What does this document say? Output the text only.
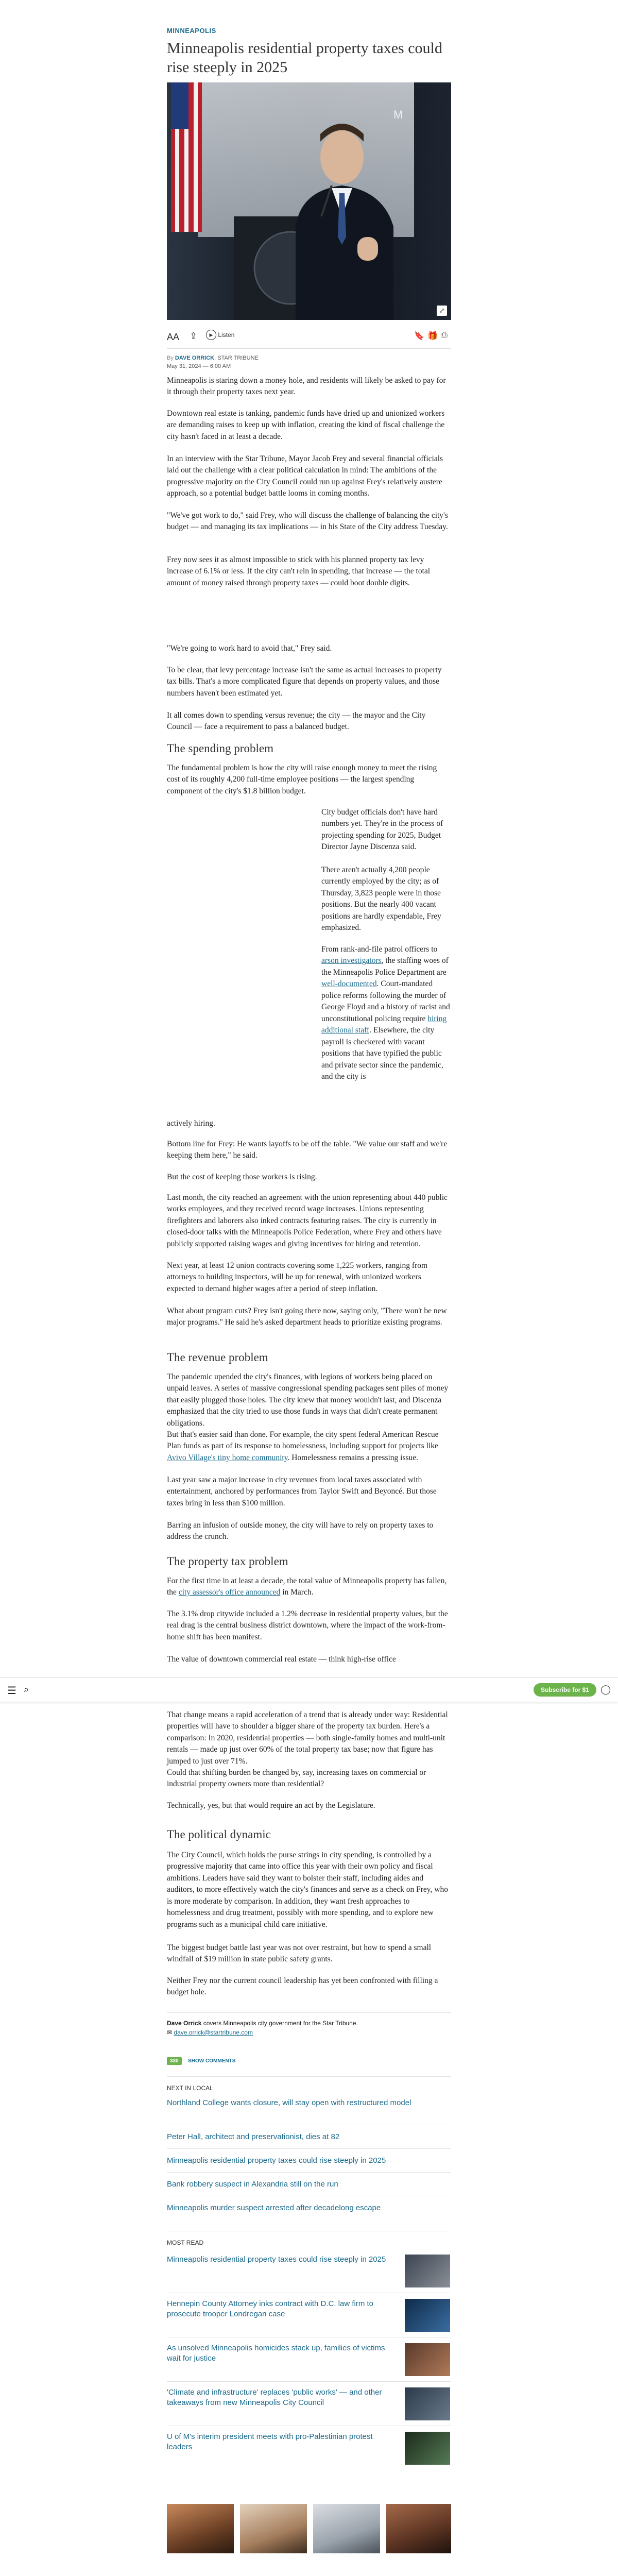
MINNEAPOLIS
Minneapolis residential property taxes could rise steeply in 2025
M
⤢
AA ⇪	▶ Listen	🔖 🎁 ⎙
By DAVE ORRICK, STAR TRIBUNE
May 31, 2024 — 6:00 AM

Minneapolis is staring down a money hole, and residents will likely be asked to pay for it through their property taxes next year.

Downtown real estate is tanking, pandemic funds have dried up and unionized workers are demanding raises to keep up with inflation, creating the kind of fiscal challenge the city hasn't faced in at least a decade.

In an interview with the Star Tribune, Mayor Jacob Frey and several financial officials laid out the challenge with a clear political calculation in mind: The ambitions of the progressive majority on the City Council could run up against Frey's relatively austere approach, so a potential budget battle looms in coming months.

"We've got work to do," said Frey, who will discuss the challenge of balancing the city's budget — and managing its tax implications — in his State of the City address Tuesday.

Frey now sees it as almost impossible to stick with his planned property tax levy increase of 6.1% or less. If the city can't rein in spending, that increase — the total amount of money raised through property taxes — could boot double digits.

"We're going to work hard to avoid that," Frey said.

To be clear, that levy percentage increase isn't the same as actual increases to property tax bills. That's a more complicated figure that depends on property values, and those numbers haven't been estimated yet.

It all comes down to spending versus revenue; the city — the mayor and the City Council — face a requirement to pass a balanced budget.

The spending problem

The fundamental problem is how the city will raise enough money to meet the rising cost of its roughly 4,200 full-time employee positions — the largest spending component of the city's $1.8 billion budget.

City budget officials don't have hard numbers yet. They're in the process of projecting spending for 2025, Budget Director Jayne Discenza said.

There aren't actually 4,200 people currently employed by the city; as of Thursday, 3,823 people were in those positions. But the nearly 400 vacant positions are hardly expendable, Frey emphasized.

From rank-and-file patrol officers to arson investigators, the staffing woes of the Minneapolis Police Department are well-documented. Court-mandated police reforms following the murder of George Floyd and a history of racist and unconstitutional policing require hiring additional staff. Elsewhere, the city payroll is checkered with vacant positions that have typified the public and private sector since the pandemic, and the city is

actively hiring.

Bottom line for Frey: He wants layoffs to be off the table. "We value our staff and we're keeping them here," he said.

But the cost of keeping those workers is rising.

Last month, the city reached an agreement with the union representing about 440 public works employees, and they received record wage increases. Unions representing firefighters and laborers also inked contracts featuring raises. The city is currently in closed-door talks with the Minneapolis Police Federation, where Frey and others have publicly supported raising wages and giving incentives for hiring and retention.

Next year, at least 12 union contracts covering some 1,225 workers, ranging from attorneys to building inspectors, will be up for renewal, with unionized workers expected to demand higher wages after a period of steep inflation.

What about program cuts? Frey isn't going there now, saying only, "There won't be new major programs." He said he's asked department heads to prioritize existing programs.

The revenue problem

The pandemic upended the city's finances, with legions of workers being placed on unpaid leaves. A series of massive congressional spending packages sent piles of money that easily plugged those holes. The city knew that money wouldn't last, and Discenza emphasized that the city tried to use those funds in ways that didn't create permanent obligations.

But that's easier said than done. For example, the city spent federal American Rescue Plan funds as part of its response to homelessness, including support for projects like Avivo Village's tiny home community. Homelessness remains a pressing issue.

Last year saw a major increase in city revenues from local taxes associated with entertainment, anchored by performances from Taylor Swift and Beyoncé. But those taxes bring in less than $100 million.

Barring an infusion of outside money, the city will have to rely on property taxes to address the crunch.

The property tax problem

For the first time in at least a decade, the total value of Minneapolis property has fallen, the city assessor's office announced in March.

The 3.1% drop citywide included a 1.2% decrease in residential property values, but the real drag is the central business district downtown, where the impact of the work-from-home shift has been manifest.

The value of downtown commercial real estate — think high-rise office

☰ ⌕	Subscribe for $1	◯

That change means a rapid acceleration of a trend that is already under way: Residential properties will have to shoulder a bigger share of the property tax burden. Here's a comparison: In 2020, residential properties — both single-family homes and multi-unit rentals — made up just over 60% of the total property tax base; now that figure has jumped to just over 71%.

Could that shifting burden be changed by, say, increasing taxes on commercial or industrial property owners more than residential?

Technically, yes, but that would require an act by the Legislature.

The political dynamic

The City Council, which holds the purse strings in city spending, is controlled by a progressive majority that came into office this year with their own policy and fiscal ambitions. Leaders have said they want to bolster their staff, including aides and auditors, to more effectively watch the city's finances and serve as a check on Frey, who is more moderate by comparison. In addition, they want fresh approaches to homelessness and drug treatment, possibly with more spending, and to explore new programs such as a municipal child care initiative.

The biggest budget battle last year was not over restraint, but how to spend a small windfall of $19 million in state public safety grants.

Neither Frey nor the current council leadership has yet been confronted with filling a budget hole.

Dave Orrick covers Minneapolis city government for the Star Tribune.
✉ dave.orrick@startribune.com
330 SHOW COMMENTS
NEXT IN LOCAL
Northland College wants closure, will stay open with restructured model
Peter Hall, architect and preservationist, dies at 82
Minneapolis residential property taxes could rise steeply in 2025
Bank robbery suspect in Alexandria still on the run
Minneapolis murder suspect arrested after decadelong escape
MOST READ
Minneapolis residential property taxes could rise steeply in 2025
Hennepin County Attorney inks contract with D.C. law firm to prosecute trooper Londregan case
As unsolved Minneapolis homicides stack up, families of victims wait for justice
'Climate and infrastructure' replaces 'public works' — and other takeaways from new Minneapolis City Council
U of M's interim president meets with pro-Palestinian protest leaders
